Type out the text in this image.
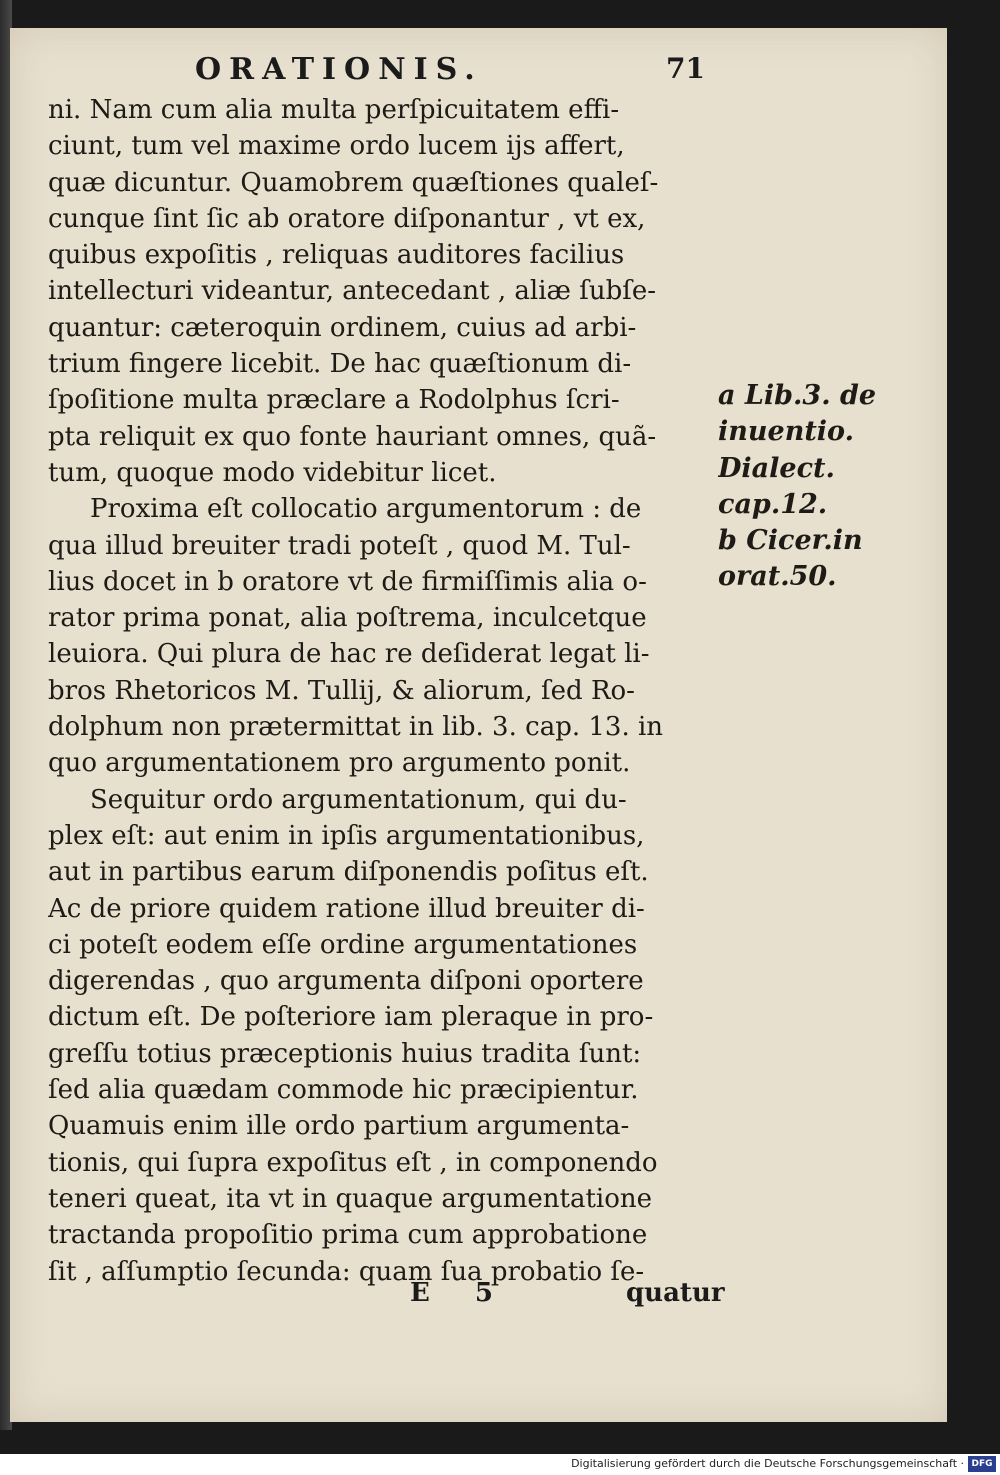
ORATIONIS.	71
ni. Nam cum alia multa perſpicuitatem effi-
ciunt, tum vel maxime ordo lucem ijs affert,
quæ dicuntur. Quamobrem quæſtiones qualeſ-
cunque ſint ſic ab oratore diſponantur , vt ex,
quibus expoſitis , reliquas auditores facilius
intellecturi videantur, antecedant , aliæ ſubſe-
quantur: cæteroquin ordinem, cuius ad arbi-
trium fingere licebit. De hac quæſtionum di-
ſpoſitione multa præclare a Rodolphus ſcri-
pta reliquit ex quo fonte hauriant omnes, quã-
tum, quoque modo videbitur licet.
Proxima eſt collocatio argumentorum : de
qua illud breuiter tradi poteſt , quod M. Tul-
lius docet in b oratore vt de firmiſſimis alia o-
rator prima ponat, alia poſtrema, inculcetque
leuiora. Qui plura de hac re deſiderat legat li-
bros Rhetoricos M. Tullij, & aliorum, ſed Ro-
dolphum non prætermittat in lib. 3. cap. 13. in
quo argumentationem pro argumento ponit.
Sequitur ordo argumentationum, qui du-
plex eſt: aut enim in ipſis argumentationibus,
aut in partibus earum diſponendis poſitus eſt.
Ac de priore quidem ratione illud breuiter di-
ci poteſt eodem eſſe ordine argumentationes
digerendas , quo argumenta diſponi oportere
dictum eſt. De poſteriore iam pleraque in pro-
greſſu totius præceptionis huius tradita ſunt:
ſed alia quædam commode hic præcipientur.
Quamuis enim ille ordo partium argumenta-
tionis, qui ſupra expoſitus eſt , in componendo
teneri queat, ita vt in quaque argumentatione
tractanda propoſitio prima cum approbatione
ſit , aſſumptio ſecunda: quam ſua probatio ſe-
a Lib.3. de
inuentio.
Dialect.
cap.12.
b Cicer.in
orat.50.
E 5	quatur
Digitalisierung gefördert durch die Deutsche Forschungsgemeinschaft · DFG
